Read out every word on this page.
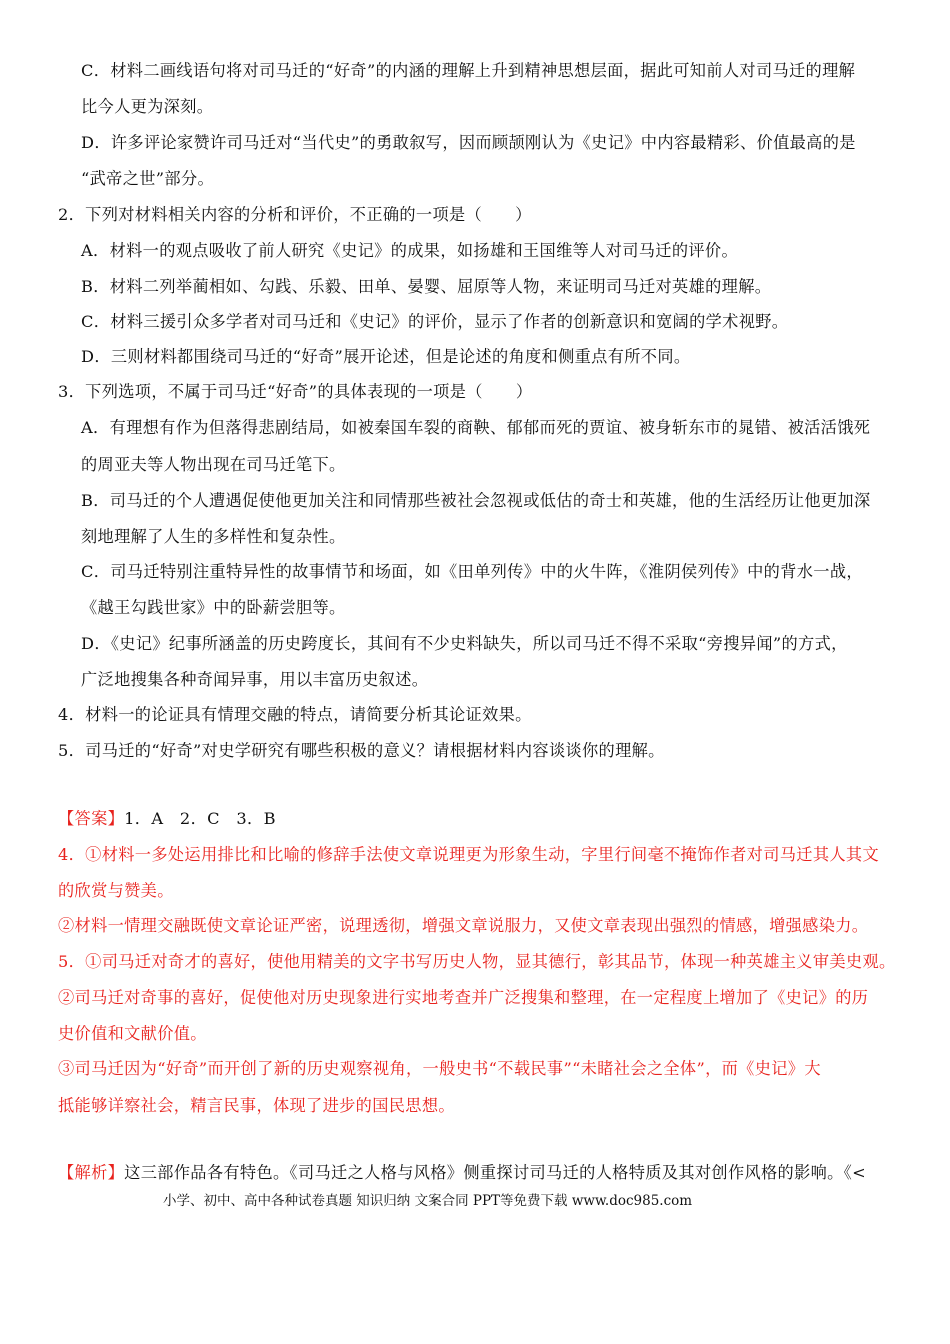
C．材料二画线语句将对司马迁的“好奇”的内涵的理解上升到精神思想层面，据此可知前人对司马迁的理解
比今人更为深刻。
D．许多评论家赞许司马迁对“当代史”的勇敢叙写，因而顾颉刚认为《史记》中内容最精彩、价值最高的是
“武帝之世”部分。
2．下列对材料相关内容的分析和评价，不正确的一项是（　　）
A．材料一的观点吸收了前人研究《史记》的成果，如扬雄和王国维等人对司马迁的评价。
B．材料二列举蔺相如、勾践、乐毅、田单、晏婴、屈原等人物，来证明司马迁对英雄的理解。
C．材料三援引众多学者对司马迁和《史记》的评价，显示了作者的创新意识和宽阔的学术视野。
D．三则材料都围绕司马迁的“好奇”展开论述，但是论述的角度和侧重点有所不同。
3．下列选项，不属于司马迁“好奇”的具体表现的一项是（　　）
A．有理想有作为但落得悲剧结局，如被秦国车裂的商鞅、郁郁而死的贾谊、被身斩东市的晁错、被活活饿死
的周亚夫等人物出现在司马迁笔下。
B．司马迁的个人遭遇促使他更加关注和同情那些被社会忽视或低估的奇士和英雄，他的生活经历让他更加深
刻地理解了人生的多样性和复杂性。
C．司马迁特别注重特异性的故事情节和场面，如《田单列传》中的火牛阵，《淮阴侯列传》中的背水一战，
《越王勾践世家》中的卧薪尝胆等。
D．《史记》纪事所涵盖的历史跨度长，其间有不少史料缺失，所以司马迁不得不采取“旁搜异闻”的方式，
广泛地搜集各种奇闻异事，用以丰富历史叙述。
4．材料一的论证具有情理交融的特点，请简要分析其论证效果。
5．司马迁的“好奇”对史学研究有哪些积极的意义？请根据材料内容谈谈你的理解。
【答案】1．A　2．C　3．B
4．①材料一多处运用排比和比喻的修辞手法使文章说理更为形象生动，字里行间毫不掩饰作者对司马迁其人其文
的欣赏与赞美。
②材料一情理交融既使文章论证严密，说理透彻，增强文章说服力，又使文章表现出强烈的情感，增强感染力。
5．①司马迁对奇才的喜好，使他用精美的文字书写历史人物，显其德行，彰其品节，体现一种英雄主义审美史观。
②司马迁对奇事的喜好，促使他对历史现象进行实地考查并广泛搜集和整理，在一定程度上增加了《史记》的历
史价值和文献价值。
③司马迁因为“好奇”而开创了新的历史观察视角，一般史书“不载民事”“未睹社会之全体”，而《史记》大
抵能够详察社会，精言民事，体现了进步的国民思想。
【解析】这三部作品各有特色。《司马迁之人格与风格》侧重探讨司马迁的人格特质及其对创作风格的影响。《<
小学、初中、高中各种试卷真题 知识归纳 文案合同 PPT等免费下载 www.doc985.com
